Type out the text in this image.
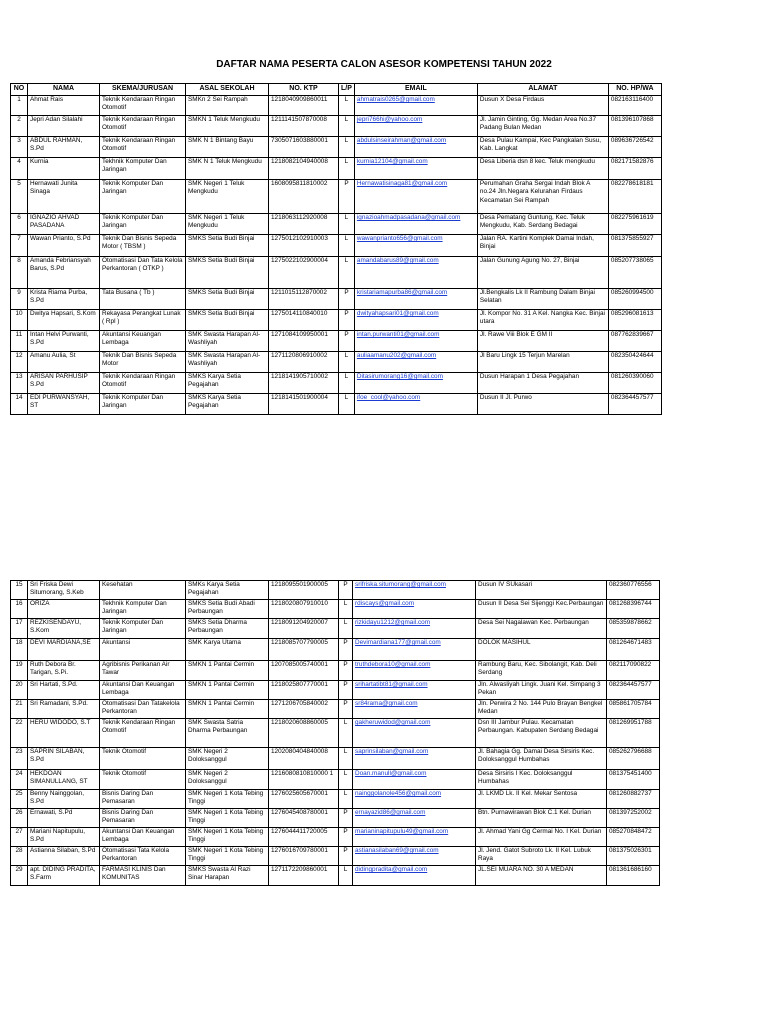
DAFTAR NAMA PESERTA CALON ASESOR KOMPETENSI TAHUN 2022
NO	NAMA	SKEMA/JURUSAN	ASAL SEKOLAH	NO. KTP	L/P	EMAIL	ALAMAT	NO. HP/WA
1	Ahmat Rais	Teknik Kendaraan Ringan Otomotif	SMKn 2 Sei Rampah	1218040909860011	L	ahmatrais0265@gmail.com	Dusun X Desa Firdaus	082163116400
2	Jepri Adan Silalahi	Teknik Kendaraan Ringan Otomotif	SMKN 1 Teluk Mengkudu	1211141507870008	L	jepri766hi@yahoo.com	Jl. Jamin Ginting, Gg. Medan Area No.37 Padang Bulan Medan	081396107868
3	ABDUL RAHMAN, S.Pd	Teknik Kendaraan Ringan Otomotif	SMK N 1 Bintang Bayu	7305071603880001	L	abdulsinseirahman@gmail.com	Desa Pulau Kampai, Kec Pangkalan Susu, Kab. Langkat	089636726542
4	Kurnia	Tekhnik Komputer Dan Jaringan	SMK N 1 Teluk Mengkudu	1218082104940008	L	kurnia12104@gmail.com	Desa Liberia dsn 8 kec. Teluk mengkudu	082171582876
5	Hernawati Junita Sinaga	Teknik Komputer Dan Jaringan	SMK Negeri 1 Teluk Mengkudu	1608095811810002	P	Hernawatisinaga81@gmail.com	Perumahan Graha Sergai Indah Blok A no.24 Jln.Negara Kelurahan Firdaus Kecamatan Sei Rampah	082278618181
6	IGNAZIO AHVAD PASADANA	Teknik Komputer Dan Jaringan	SMK Negeri 1 Teluk Mengkudu	1218063112920008	L	ignazioahmadpasadana@gmail.com	Desa Pematang Guntung, Kec. Teluk Mengkudu, Kab. Serdang Bedagai	082275961619
7	Wawan Prianto, S.Pd	Teknik Dan Bisnis Sepeda Motor ( TBSM )	SMKS Setia Budi Binjai	1275012102910003	L	wawanprianto656@gmail.com	Jalan RA. Kartini Komplek Damai Indah, Binjai	081375855927
8	Amanda Febriansyah Barus, S.Pd	Otomatisasi Dan Tata Kelola Perkantoran ( OTKP )	SMKS Setia Budi Binjai	1275022102900004	L	amandabarus89@gmail.com	Jalan Gunung Agung No. 27, Binjai	085207738065
9	Krista Riama Purba, S.Pd	Tata Busana ( Tb )	SMKS Setia Budi Binjai	1211015112870002	P	kristariamapurba86@gmail.com	Jl.Bengkalis Lk II Rambung Dalam Binjai Selatan	085260994500
10	Dwitya Hapsari, S.Kom	Rekayasa Perangkat Lunak ( Rpl )	SMKS Setia Budi Binjai	1275014110840010	P	dwityahapsari01@gmail.com	Jl. Kompor No. 31 A Kel. Nangka Kec. Binjai utara	085296081613
11	Intan Helvi Purwanti, S.Pd	Akuntansi Keuangan Lembaga	SMK Swasta Harapan Al-Washliyah	1271084109950001	P	intan.purwanti01@gmail.com	Jl. Rawe Viii Blok E GM II	087762839667
12	Amanu Aulia, St	Teknik Dan Bisnis Sepeda Motor	SMK Swasta Harapan Al-Washliyah	1271120806910002	L	auliaamanu202@gmail.com	Jl Baru Lingk 15 Terjun Marelan	082350424644
13	ARISAN PARHUSIP S.Pd	Teknik Kendaraan Ringan Otomotif	SMKS Karya Setia Pegajahan	1218141905710002	L	Ditasirumorang16@gmail.com	Dusun Harapan 1 Desa Pegajahan	081260390060
14	EDI PURWANSYAH, ST	Teknik Komputer Dan Jaringan	SMKS Karya Setia Pegajahan	1218141501900004	L	ifoe_cool@yahoo.com	Dusun II Jl. Purwo	082364457577
15	Sri Friska Dewi Situmorang, S.Keb	Kesehatan	SMKs Karya Setia Pegajahan	1218095501900005	P	srifriska.situmorang@gmail.com	Dusun IV SUkasari	082360776556
16	ORIZA	Tekhnik Komputer Dan Jaringan	SMKS Setia Budi Abadi Perbaungan	1218020807910010	L	rdiscays@gmail.com	Dusun II Desa Sei Sijenggi Kec.Perbaungan	081268396744
17	REZKISENDAYU, S.Kom	Teknik Komputer Dan Jaringan	SMKS Setia Dharma Perbaungan	1218091204920007	L	rizkidayu1212@gmail.com	Desa Sei Nagalawan Kec. Perbaungan	085359878662
18	DEVI MARDIANA,SE	Akuntansi	SMK Karya Utama	1218085707790005	P	Devimardiana177@gmail.com	DOLOK MASIHUL	081264671483
19	Ruth Debora Br. Tarigan, S.Pi.	Agribisnis Perikanan Air Tawar	SMKN 1 Pantai Cermin	1207085005740001	P	truthdebora10@gmail.com	Rambung Baru, Kec. Sibolangit, Kab. Deli Serdang	082117090822
20	Sri Hartati, S.Pd.	Akuntansi Dan Keuangan Lembaga	SMKN 1 Pantai Cermin	1218025807770001	P	srihartatibt81@gmail.com	Jln. Alwasliyah Lingk. Juani Kel. Simpang 3 Pekan	082364457577
21	Sri Ramadani, S.Pd.	Otomatisasi Dan Tatakelola Perkantoran	SMKN 1 Pantai Cermin	1271206705840002	P	sr84rama@gmail.com	Jln. Perwira 2 No. 144 Pulo Brayan Bengkel Medan	085861705784
22	HERU WIDODO, S.T	Teknik Kendaraan Ringan Otomotif	SMK Swasta Satria Dharma Perbaungan	1218020608860005	L	gakheruwidod@gmail.com	Dsn III Jambur Pulau. Kecamatan Perbaungan. Kabupaten Serdang Bedagai	081269951788
23	SAPRIN SILABAN, S.Pd	Teknik Otomotif	SMK Negeri 2 Doloksanggul	1202080404840008	L	saprinsilaban@gmail.com	Jl. Bahagia Gg. Damai Desa Sirsiris Kec. Doloksanggul Humbahas	085262796688
24	HEKDOAN SIMANULLANG, ST	Teknik Otomotif	SMK Negeri 2 Doloksanggul	1216080810810000 1	L	Doan.manull@gmail.com	Desa Sirsiris I Kec. Doloksanggul Humbahas	081375451400
25	Benny Nainggolan, S.Pd	Bisnis Daring Dan Pemasaran	SMK Negeri 1 Kota Tebing Tinggi	1276025605670001	L	nainggolanole456@gmail.com	Jl. LKMD Lk. II Kel. Mekar Sentosa	081260882737
26	Ernawati, S.Pd	Bisnis Daring Dan Pemasaran	SMK Negeri 1 Kota Tebing Tinggi	1276045408780001	P	ernayazid86@gmail.com	Btn. Purnawirawan Blok C.1 Kel. Durian	081397252002
27	Mariani Napitupulu, S.Pd	Akuntansi Dan Keuangan Lembaga	SMK Negeri 1 Kota Tebing Tinggi	1276044411720005	P	marianinapitupulu49@gmail.com	Jl. Ahmad Yani Gg Cermai No. I Kel. Durian	085270848472
28	Astianna Silaban, S.Pd	Otomatisasi Tata Kelola Perkantoran	SMK Negeri 1 Kota Tebing Tinggi	1276016709780001	P	astianasilaban69@gmail.com	Jl. Jend. Gatot Subroto Lk. II Kel. Lubuk Raya	081375026301
29	apt. DIDING PRADITA, S.Farm	FARMASI KLINIS Dan KOMUNITAS	SMKS Swasta Al Razi Sinar Harapan	1271172209860001	L	didingpradita@gmail.com	JL.SEI MUARA NO. 30 A MEDAN	081361686160
